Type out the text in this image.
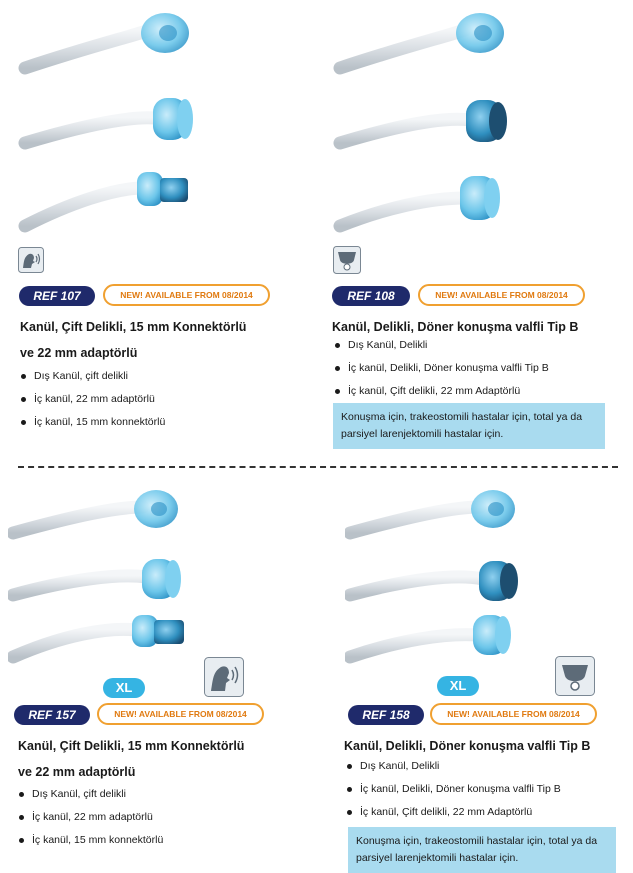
REF 107	NEW! AVAILABLE FROM 08/2014
Kanül, Çift Delikli, 15 mm Konnektörlü
ve 22 mm adaptörlü
Dış Kanül, çift delikli
İç kanül, 22 mm adaptörlü
İç kanül, 15 mm konnektörlü
REF 108	NEW! AVAILABLE FROM 08/2014
Kanül, Delikli, Döner konuşma valfli Tip B
Dış Kanül, Delikli
İç kanül, Delikli, Döner konuşma valfli Tip B
İç kanül, Çift delikli, 22 mm Adaptörlü
Konuşma için, trakeostomili hastalar için, total ya da parsiyel larenjektomili hastalar için.
XL
REF 157	NEW! AVAILABLE FROM 08/2014
Kanül, Çift Delikli, 15 mm Konnektörlü
ve 22 mm adaptörlü
Dış Kanül, çift delikli
İç kanül, 22 mm adaptörlü
İç kanül, 15 mm konnektörlü
XL
REF 158	NEW! AVAILABLE FROM 08/2014
Kanül, Delikli, Döner konuşma valfli Tip B
Dış Kanül, Delikli
İç kanül, Delikli, Döner konuşma valfli Tip B
İç kanül, Çift delikli, 22 mm Adaptörlü
Konuşma için, trakeostomili hastalar için, total ya da parsiyel larenjektomili hastalar için.
